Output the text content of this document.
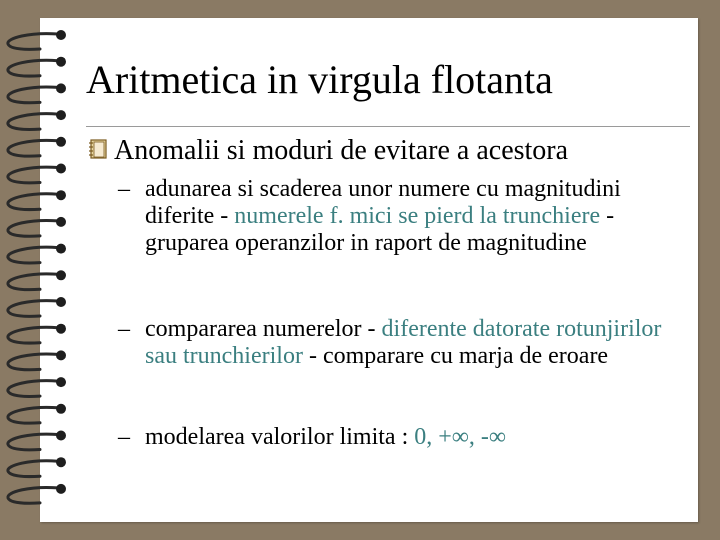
Aritmetica in virgula flotanta
Anomalii si moduri de evitare a acestora
– adunarea si scaderea unor numere cu magnitudini diferite - numerele f. mici se pierd la trunchiere - gruparea operanzilor in raport de magnitudine
– compararea numerelor - diferente datorate rotunjirilor sau trunchierilor - comparare cu marja de eroare
– modelarea valorilor limita : 0, +∞, -∞
